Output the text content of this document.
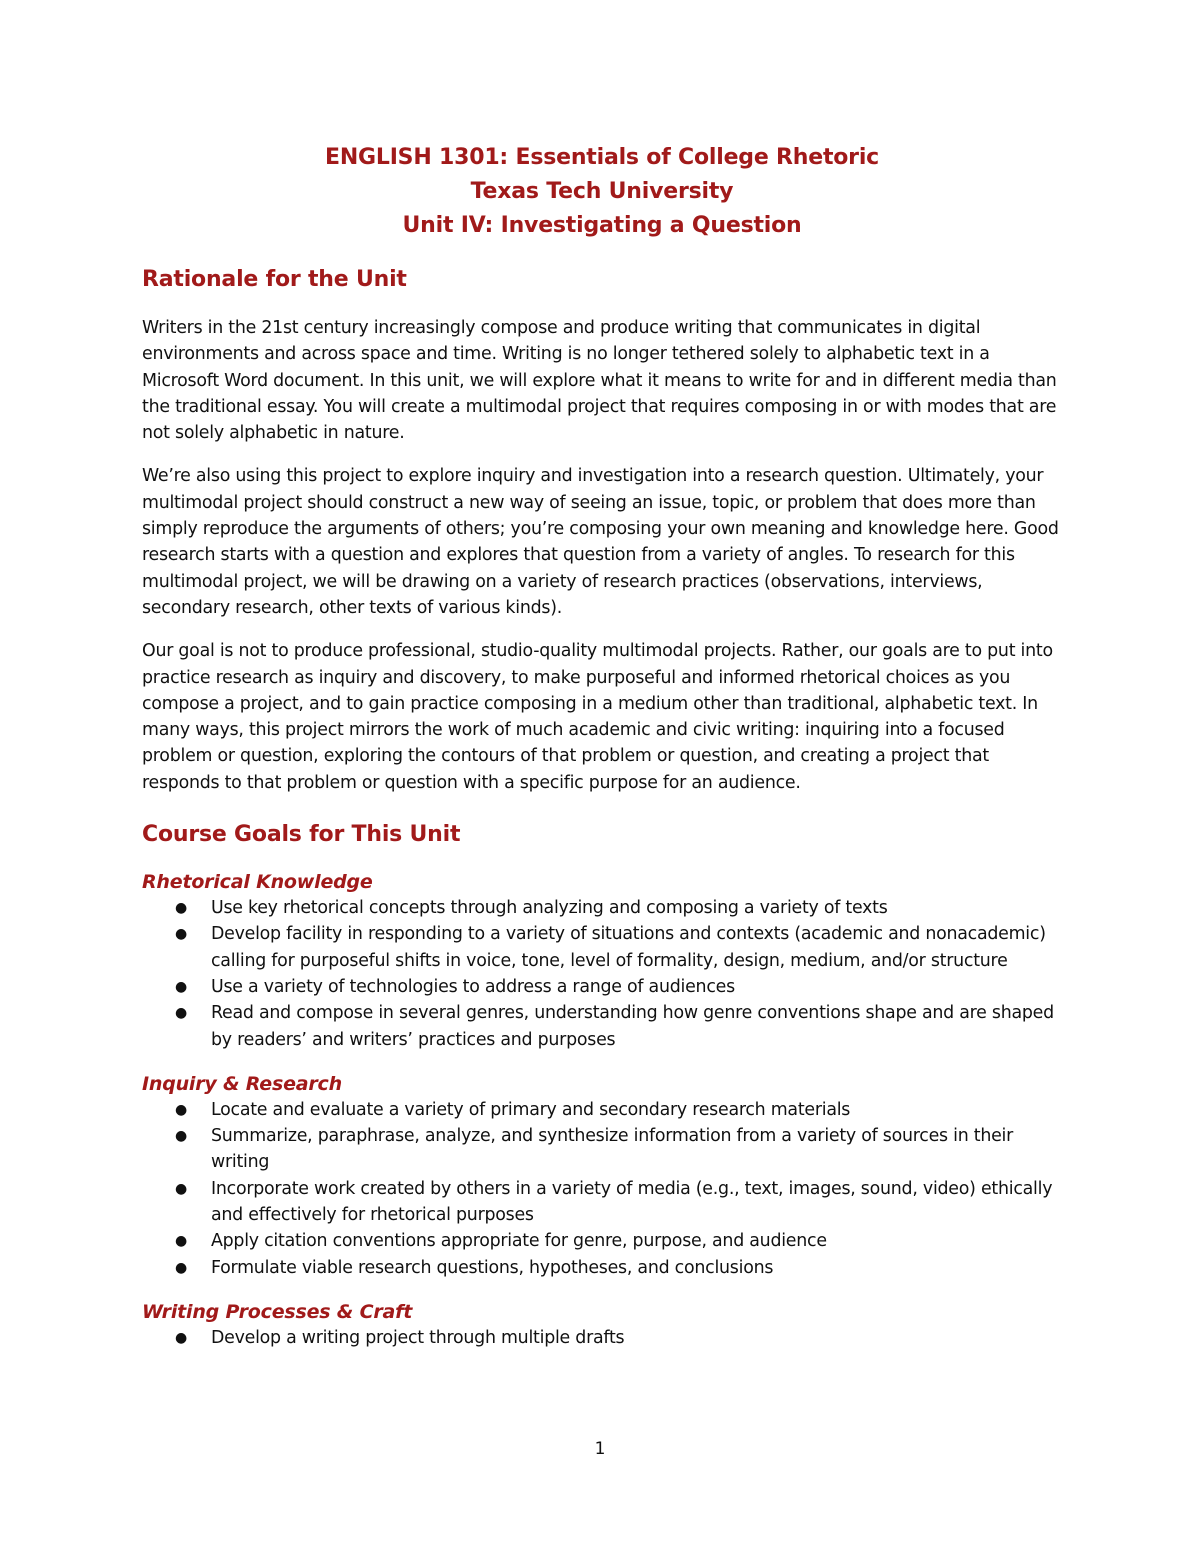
ENGLISH 1301: Essentials of College Rhetoric
Texas Tech University
Unit IV: Investigating a Question
Rationale for the Unit

Writers in the 21st century increasingly compose and produce writing that communicates in digital environments and across space and time. Writing is no longer tethered solely to alphabetic text in a Microsoft Word document. In this unit, we will explore what it means to write for and in different media than the traditional essay. You will create a multimodal project that requires composing in or with modes that are not solely alphabetic in nature.

We’re also using this project to explore inquiry and investigation into a research question. Ultimately, your multimodal project should construct a new way of seeing an issue, topic, or problem that does more than simply reproduce the arguments of others; you’re composing your own meaning and knowledge here. Good research starts with a question and explores that question from a variety of angles. To research for this multimodal project, we will be drawing on a variety of research practices (observations, interviews, secondary research, other texts of various kinds).

Our goal is not to produce professional, studio-quality multimodal projects. Rather, our goals are to put into practice research as inquiry and discovery, to make purposeful and informed rhetorical choices as you compose a project, and to gain practice composing in a medium other than traditional, alphabetic text. In many ways, this project mirrors the work of much academic and civic writing: inquiring into a focused problem or question, exploring the contours of that problem or question, and creating a project that responds to that problem or question with a specific purpose for an audience.

Course Goals for This Unit
Rhetorical Knowledge
● Use key rhetorical concepts through analyzing and composing a variety of texts
● Develop facility in responding to a variety of situations and contexts (academic and nonacademic) calling for purposeful shifts in voice, tone, level of formality, design, medium, and/or structure
● Use a variety of technologies to address a range of audiences
● Read and compose in several genres, understanding how genre conventions shape and are shaped by readers’ and writers’ practices and purposes
Inquiry & Research
● Locate and evaluate a variety of primary and secondary research materials
● Summarize, paraphrase, analyze, and synthesize information from a variety of sources in their writing
● Incorporate work created by others in a variety of media (e.g., text, images, sound, video) ethically and effectively for rhetorical purposes
● Apply citation conventions appropriate for genre, purpose, and audience
● Formulate viable research questions, hypotheses, and conclusions
Writing Processes & Craft
● Develop a writing project through multiple drafts
1
